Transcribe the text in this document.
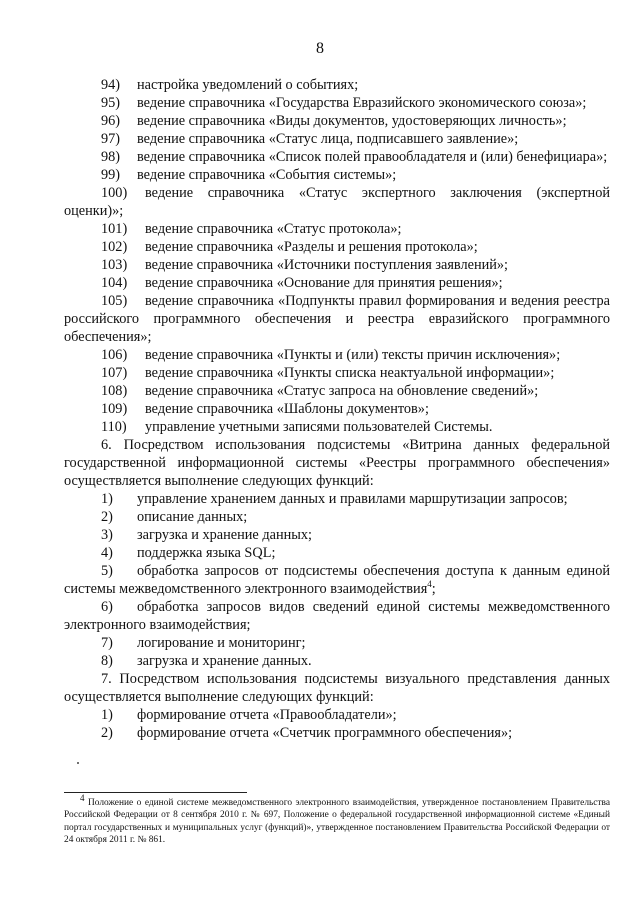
8
94) настройка уведомлений о событиях;
95) ведение справочника «Государства Евразийского экономического союза»;
96) ведение справочника «Виды документов, удостоверяющих личность»;
97) ведение справочника «Статус лица, подписавшего заявление»;
98) ведение справочника «Список полей правообладателя и (или) бенефициара»;
99) ведение справочника «События системы»;
100) ведение справочника «Статус экспертного заключения (экспертной оценки)»;
101) ведение справочника «Статус протокола»;
102) ведение справочника «Разделы и решения протокола»;
103) ведение справочника «Источники поступления заявлений»;
104) ведение справочника «Основание для принятия решения»;
105) ведение справочника «Подпункты правил формирования и ведения реестра российского программного обеспечения и реестра евразийского программного обеспечения»;
106) ведение справочника «Пункты и (или) тексты причин исключения»;
107) ведение справочника «Пункты списка неактуальной информации»;
108) ведение справочника «Статус запроса на обновление сведений»;
109) ведение справочника «Шаблоны документов»;
110) управление учетными записями пользователей Системы.
6. Посредством использования подсистемы «Витрина данных федеральной государственной информационной системы «Реестры программного обеспечения» осуществляется выполнение следующих функций:
1) управление хранением данных и правилами маршрутизации запросов;
2) описание данных;
3) загрузка и хранение данных;
4) поддержка языка SQL;
5) обработка запросов от подсистемы обеспечения доступа к данным единой системы межведомственного электронного взаимодействия$^4$;
6) обработка запросов видов сведений единой системы межведомственного электронного взаимодействия;
7) логирование и мониторинг;
8) загрузка и хранение данных.
7. Посредством использования подсистемы визуального представления данных осуществляется выполнение следующих функций:
1) формирование отчета «Правообладатели»;
2) формирование отчета «Счетчик программного обеспечения»;
4 Положение о единой системе межведомственного электронного взаимодействия, утвержденное постановлением Правительства Российской Федерации от 8 сентября 2010 г. № 697, Положение о федеральной государственной информационной системе «Единый портал государственных и муниципальных услуг (функций)», утвержденное постановлением Правительства Российской Федерации от 24 октября 2011 г. № 861.
